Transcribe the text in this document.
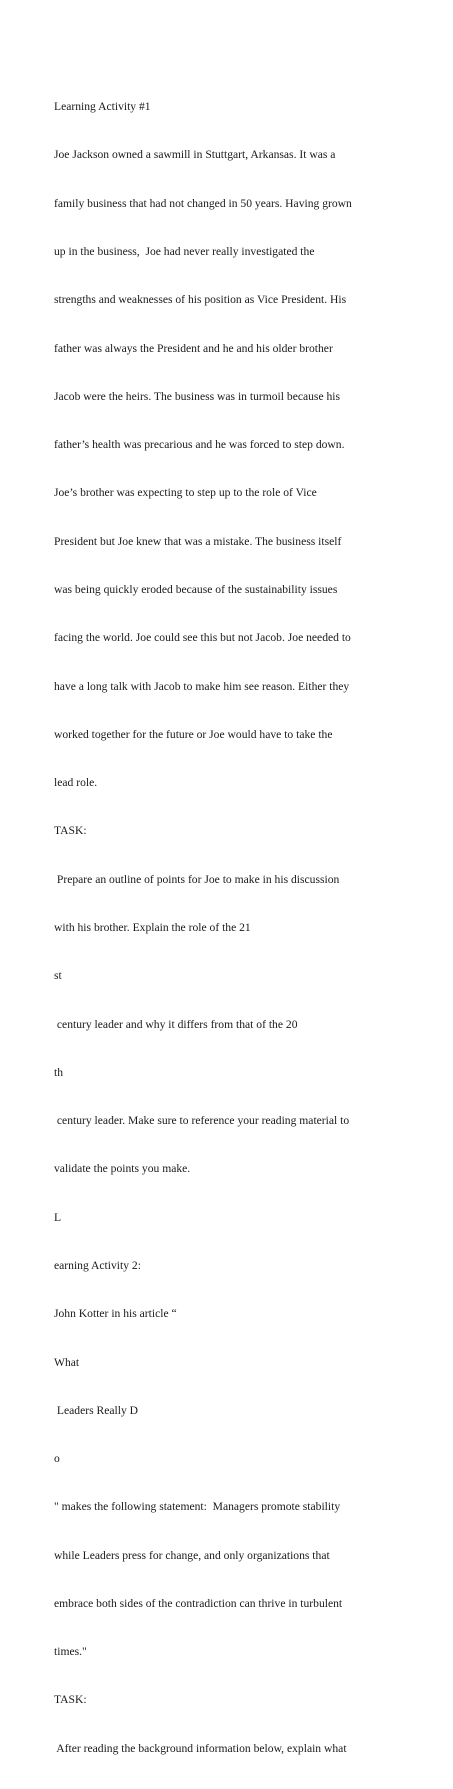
Learning Activity #1

Joe Jackson owned a sawmill in Stuttgart, Arkansas. It was a

family business that had not changed in 50 years. Having grown

up in the business,  Joe had never really investigated the

strengths and weaknesses of his position as Vice President. His

father was always the President and he and his older brother

Jacob were the heirs. The business was in turmoil because his

father’s health was precarious and he was forced to step down.

Joe’s brother was expecting to step up to the role of Vice

President but Joe knew that was a mistake. The business itself

was being quickly eroded because of the sustainability issues

facing the world. Joe could see this but not Jacob. Joe needed to

have a long talk with Jacob to make him see reason. Either they

worked together for the future or Joe would have to take the

lead role.

TASK:

Prepare an outline of points for Joe to make in his discussion

with his brother. Explain the role of the 21

st

century leader and why it differs from that of the 20

th

century leader. Make sure to reference your reading material to

validate the points you make.

L

earning Activity 2:

John Kotter in his article “

What

Leaders Really D

o

" makes the following statement:  Managers promote stability

while Leaders press for change, and only organizations that

embrace both sides of the contradiction can thrive in turbulent

times."

TASK:

After reading the background information below, explain what
